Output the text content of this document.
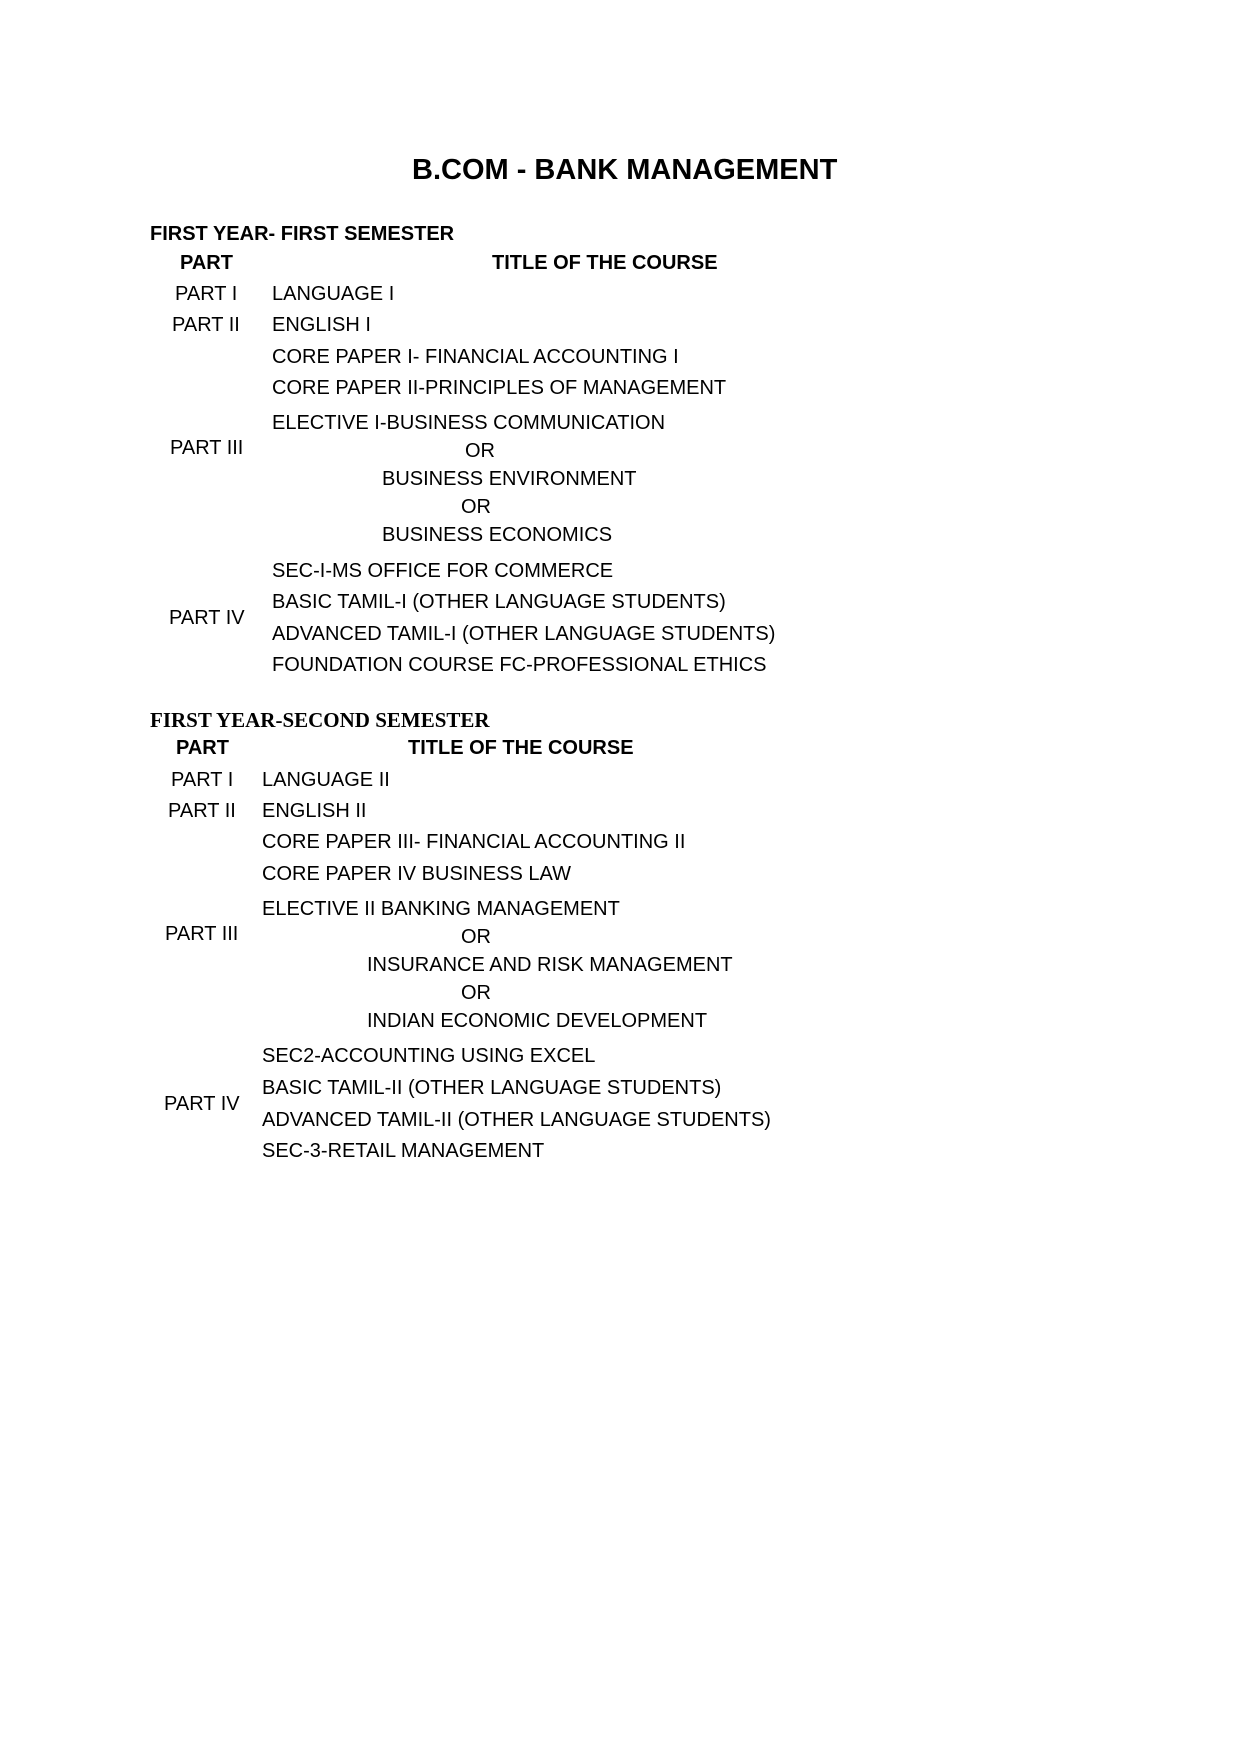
B.COM - BANK MANAGEMENT
FIRST YEAR- FIRST SEMESTER
PART	TITLE OF THE COURSE
PART I LANGUAGE I
PART II ENGLISH I
PART III
CORE PAPER I- FINANCIAL ACCOUNTING I
CORE PAPER II-PRINCIPLES OF MANAGEMENT
ELECTIVE I-BUSINESS COMMUNICATION
OR
BUSINESS ENVIRONMENT
OR
BUSINESS ECONOMICS
PART IV
SEC-I-MS OFFICE FOR COMMERCE
BASIC TAMIL-I (OTHER LANGUAGE STUDENTS)
ADVANCED TAMIL-I (OTHER LANGUAGE STUDENTS)
FOUNDATION COURSE FC-PROFESSIONAL ETHICS
FIRST YEAR-SECOND SEMESTER
PART	TITLE OF THE COURSE
PART I LANGUAGE II
PART II ENGLISH II
PART III
CORE PAPER III- FINANCIAL ACCOUNTING II
CORE PAPER IV BUSINESS LAW
ELECTIVE II BANKING MANAGEMENT
OR
INSURANCE AND RISK MANAGEMENT
OR
INDIAN ECONOMIC DEVELOPMENT
PART IV
SEC2-ACCOUNTING USING EXCEL
BASIC TAMIL-II (OTHER LANGUAGE STUDENTS)
ADVANCED TAMIL-II (OTHER LANGUAGE STUDENTS)
SEC-3-RETAIL MANAGEMENT
